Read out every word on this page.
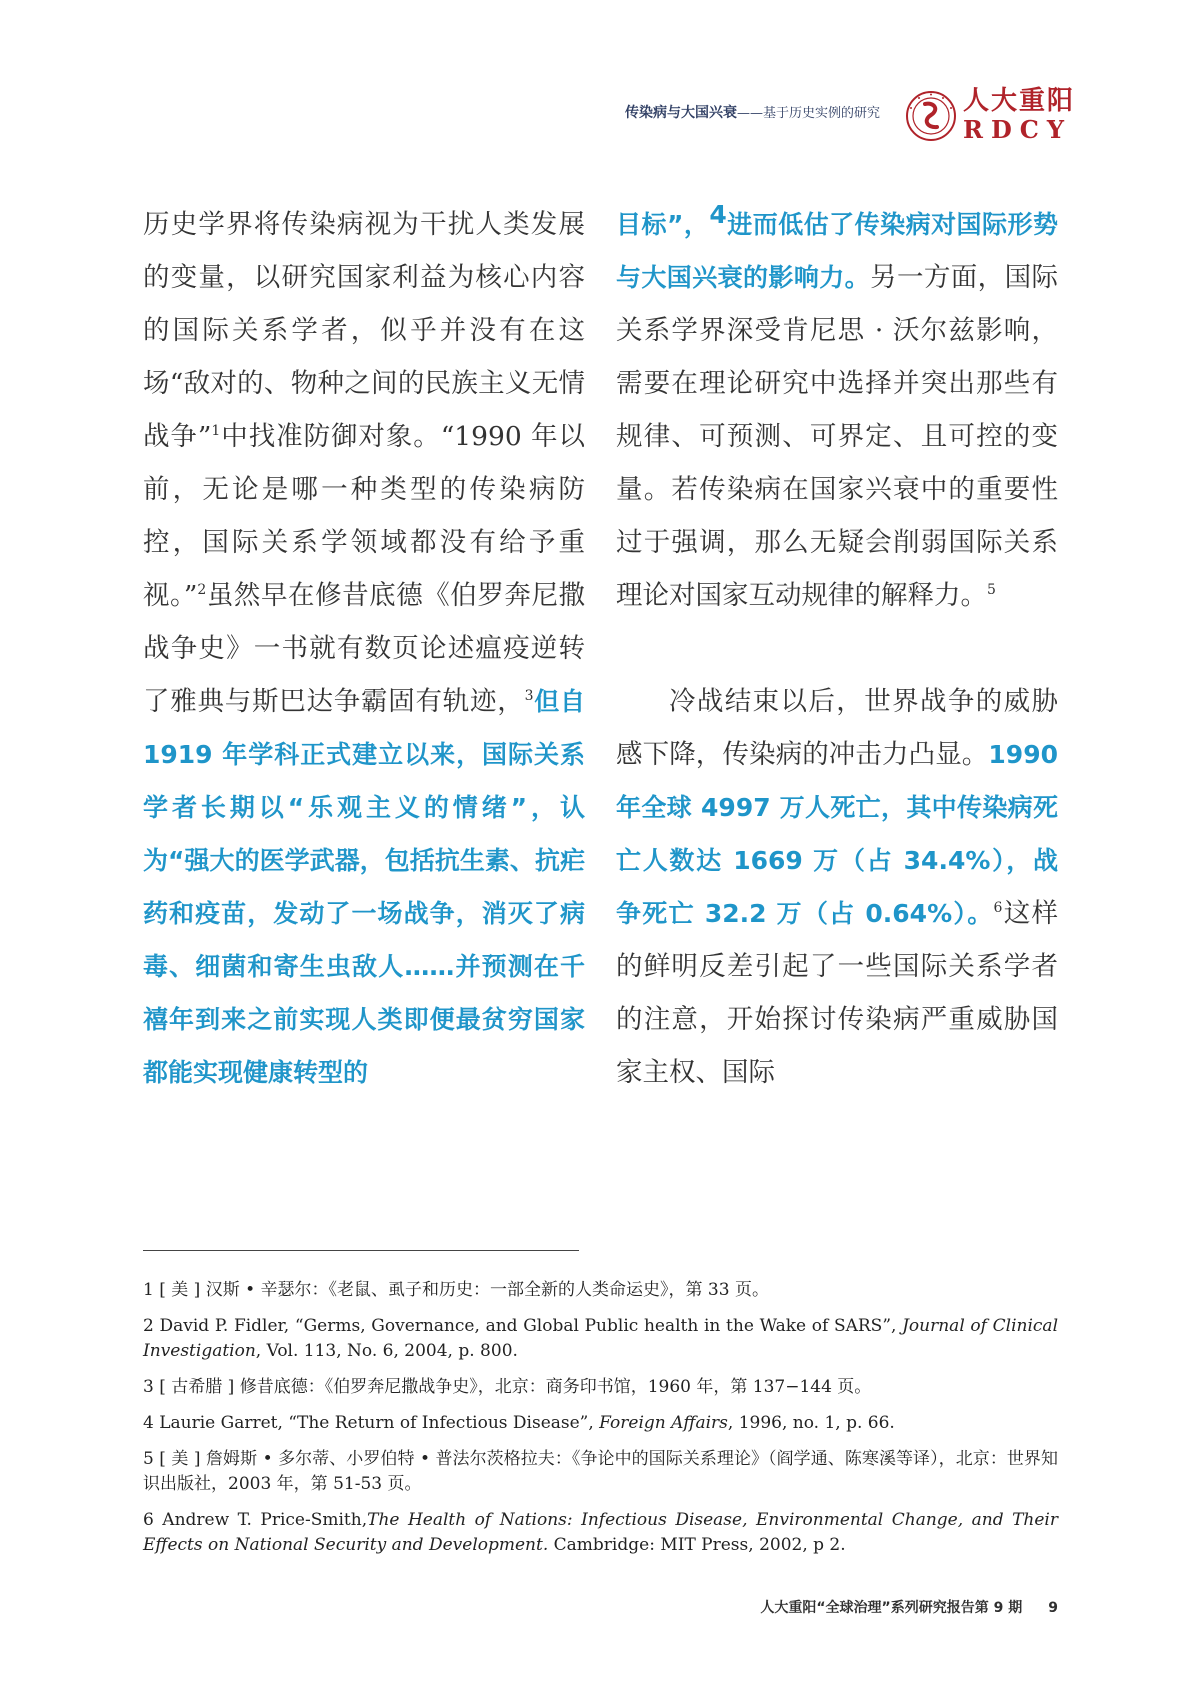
传染病与大国兴衰——基于历史实例的研究	人大重阳
RDCY

历史学界将传染病视为干扰人类发展的变量，以研究国家利益为核心内容的国际关系学者，似乎并没有在这场“敌对的、物种之间的民族主义无情战争”$^1$中找准防御对象。“1990 年以前，无论是哪一种类型的传染病防控，国际关系学领域都没有给予重视。”$^2$虽然早在修昔底德《伯罗奔尼撒战争史》一书就有数页论述瘟疫逆转了雅典与斯巴达争霸固有轨迹，$^3$但自 1919 年学科正式建立以来，国际关系学者长期以“乐观主义的情绪”，认为“强大的医学武器，包括抗生素、抗疟药和疫苗，发动了一场战争，消灭了病毒、细菌和寄生虫敌人……并预测在千禧年到来之前实现人类即便最贫穷国家都能实现健康转型的

目标”，$^4$进而低估了传染病对国际形势与大国兴衰的影响力。另一方面，国际关系学界深受肯尼思 · 沃尔兹影响，需要在理论研究中选择并突出那些有规律、可预测、可界定、且可控的变量。若传染病在国家兴衰中的重要性过于强调，那么无疑会削弱国际关系理论对国家互动规律的解释力。$^5$

冷战结束以后，世界战争的威胁感下降，传染病的冲击力凸显。1990 年全球 4997 万人死亡，其中传染病死亡人数达 1669 万（占 34.4%），战争死亡 32.2 万（占 0.64%）。$^6$这样的鲜明反差引起了一些国际关系学者的注意，开始探讨传染病严重威胁国家主权、国际

1 [ 美 ] 汉斯 • 辛瑟尔：《老鼠、虱子和历史：一部全新的人类命运史》，第 33 页。

2 David P. Fidler, “Germs, Governance, and Global Public health in the Wake of SARS”, Journal of Clinical Investigation, Vol. 113, No. 6, 2004, p. 800.

3 [ 古希腊 ] 修昔底德：《伯罗奔尼撒战争史》，北京：商务印书馆，1960 年，第 137−144 页。

4 Laurie Garret, “The Return of Infectious Disease”, Foreign Affairs, 1996, no. 1, p. 66.

5 [ 美 ] 詹姆斯 • 多尔蒂、小罗伯特 • 普法尔茨格拉夫：《争论中的国际关系理论》（阎学通、陈寒溪等译），北京：世界知识出版社，2003 年，第 51-53 页。

6 Andrew T. Price-Smith,The Health of Nations: Infectious Disease, Environmental Change, and Their Effects on National Security and Development. Cambridge: MIT Press, 2002, p 2.

人大重阳“全球治理”系列研究报告第 9 期 9
